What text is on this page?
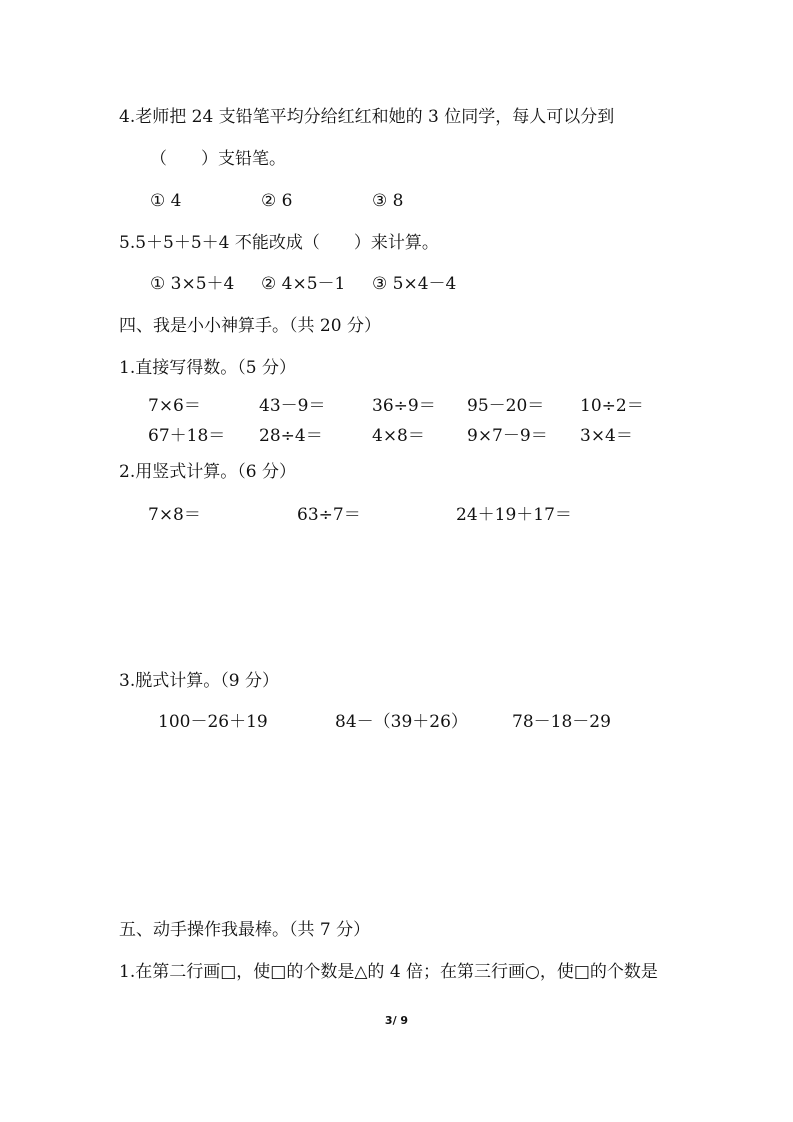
4.老师把 24 支铅笔平均分给红红和她的 3 位同学，每人可以分到
（　　）支铅笔。
① 4	② 6	③ 8
5.5＋5＋5＋4 不能改成（　　）来计算。
① 3×5＋4 ② 4×5－1 ③ 5×4－4
四、我是小小神算手。（共 20 分）
1.直接写得数。（5 分）
7×6＝	43－9＝	36÷9＝ 95－20＝ 10÷2＝
67＋18＝ 28÷4＝	4×8＝ 9×7－9＝ 3×4＝
2.用竖式计算。（6 分）
7×8＝	63÷7＝	24＋19＋17＝
3.脱式计算。（9 分）
100－26＋19	84－（39＋26）	78－18－29
五、动手操作我最棒。（共 7 分）
1.在第二行画□，使□的个数是△的 4 倍；在第三行画○，使□的个数是
3/ 9
